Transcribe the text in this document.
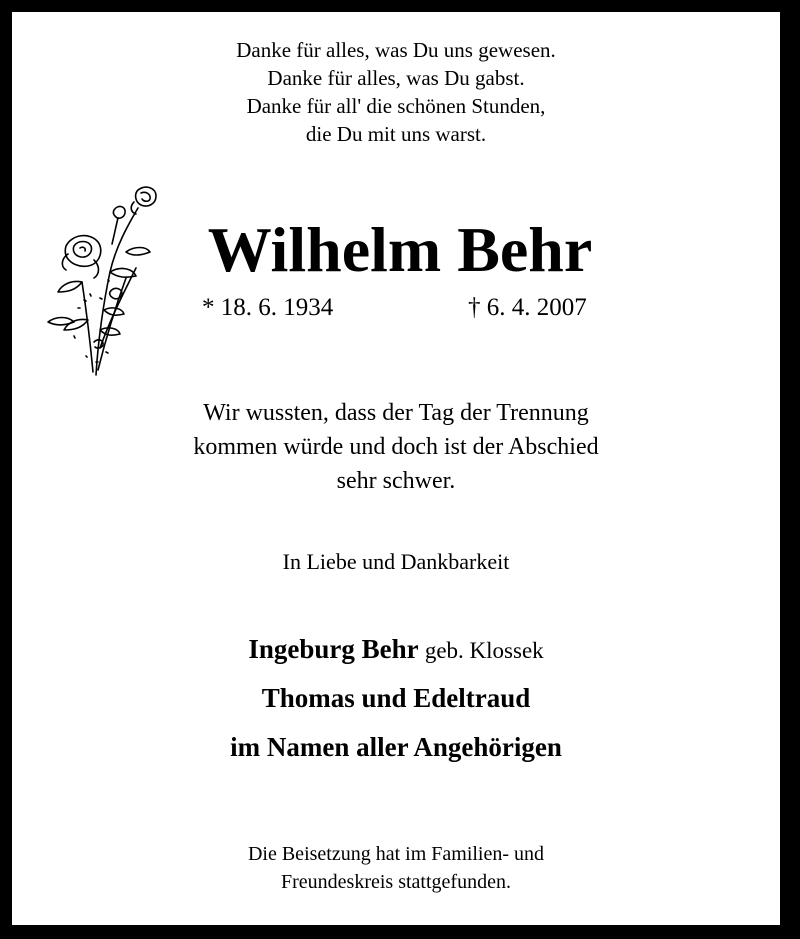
Danke für alles, was Du uns gewesen.
Danke für alles, was Du gabst.
Danke für all' die schönen Stunden,
die Du mit uns warst.
Wilhelm Behr
* 18. 6. 1934	† 6. 4. 2007
Wir wussten, dass der Tag der Trennung
kommen würde und doch ist der Abschied
sehr schwer.
In Liebe und Dankbarkeit
Ingeburg Behr geb. Klossek
Thomas und Edeltraud
im Namen aller Angehörigen
Die Beisetzung hat im Familien- und
Freundeskreis stattgefunden.
